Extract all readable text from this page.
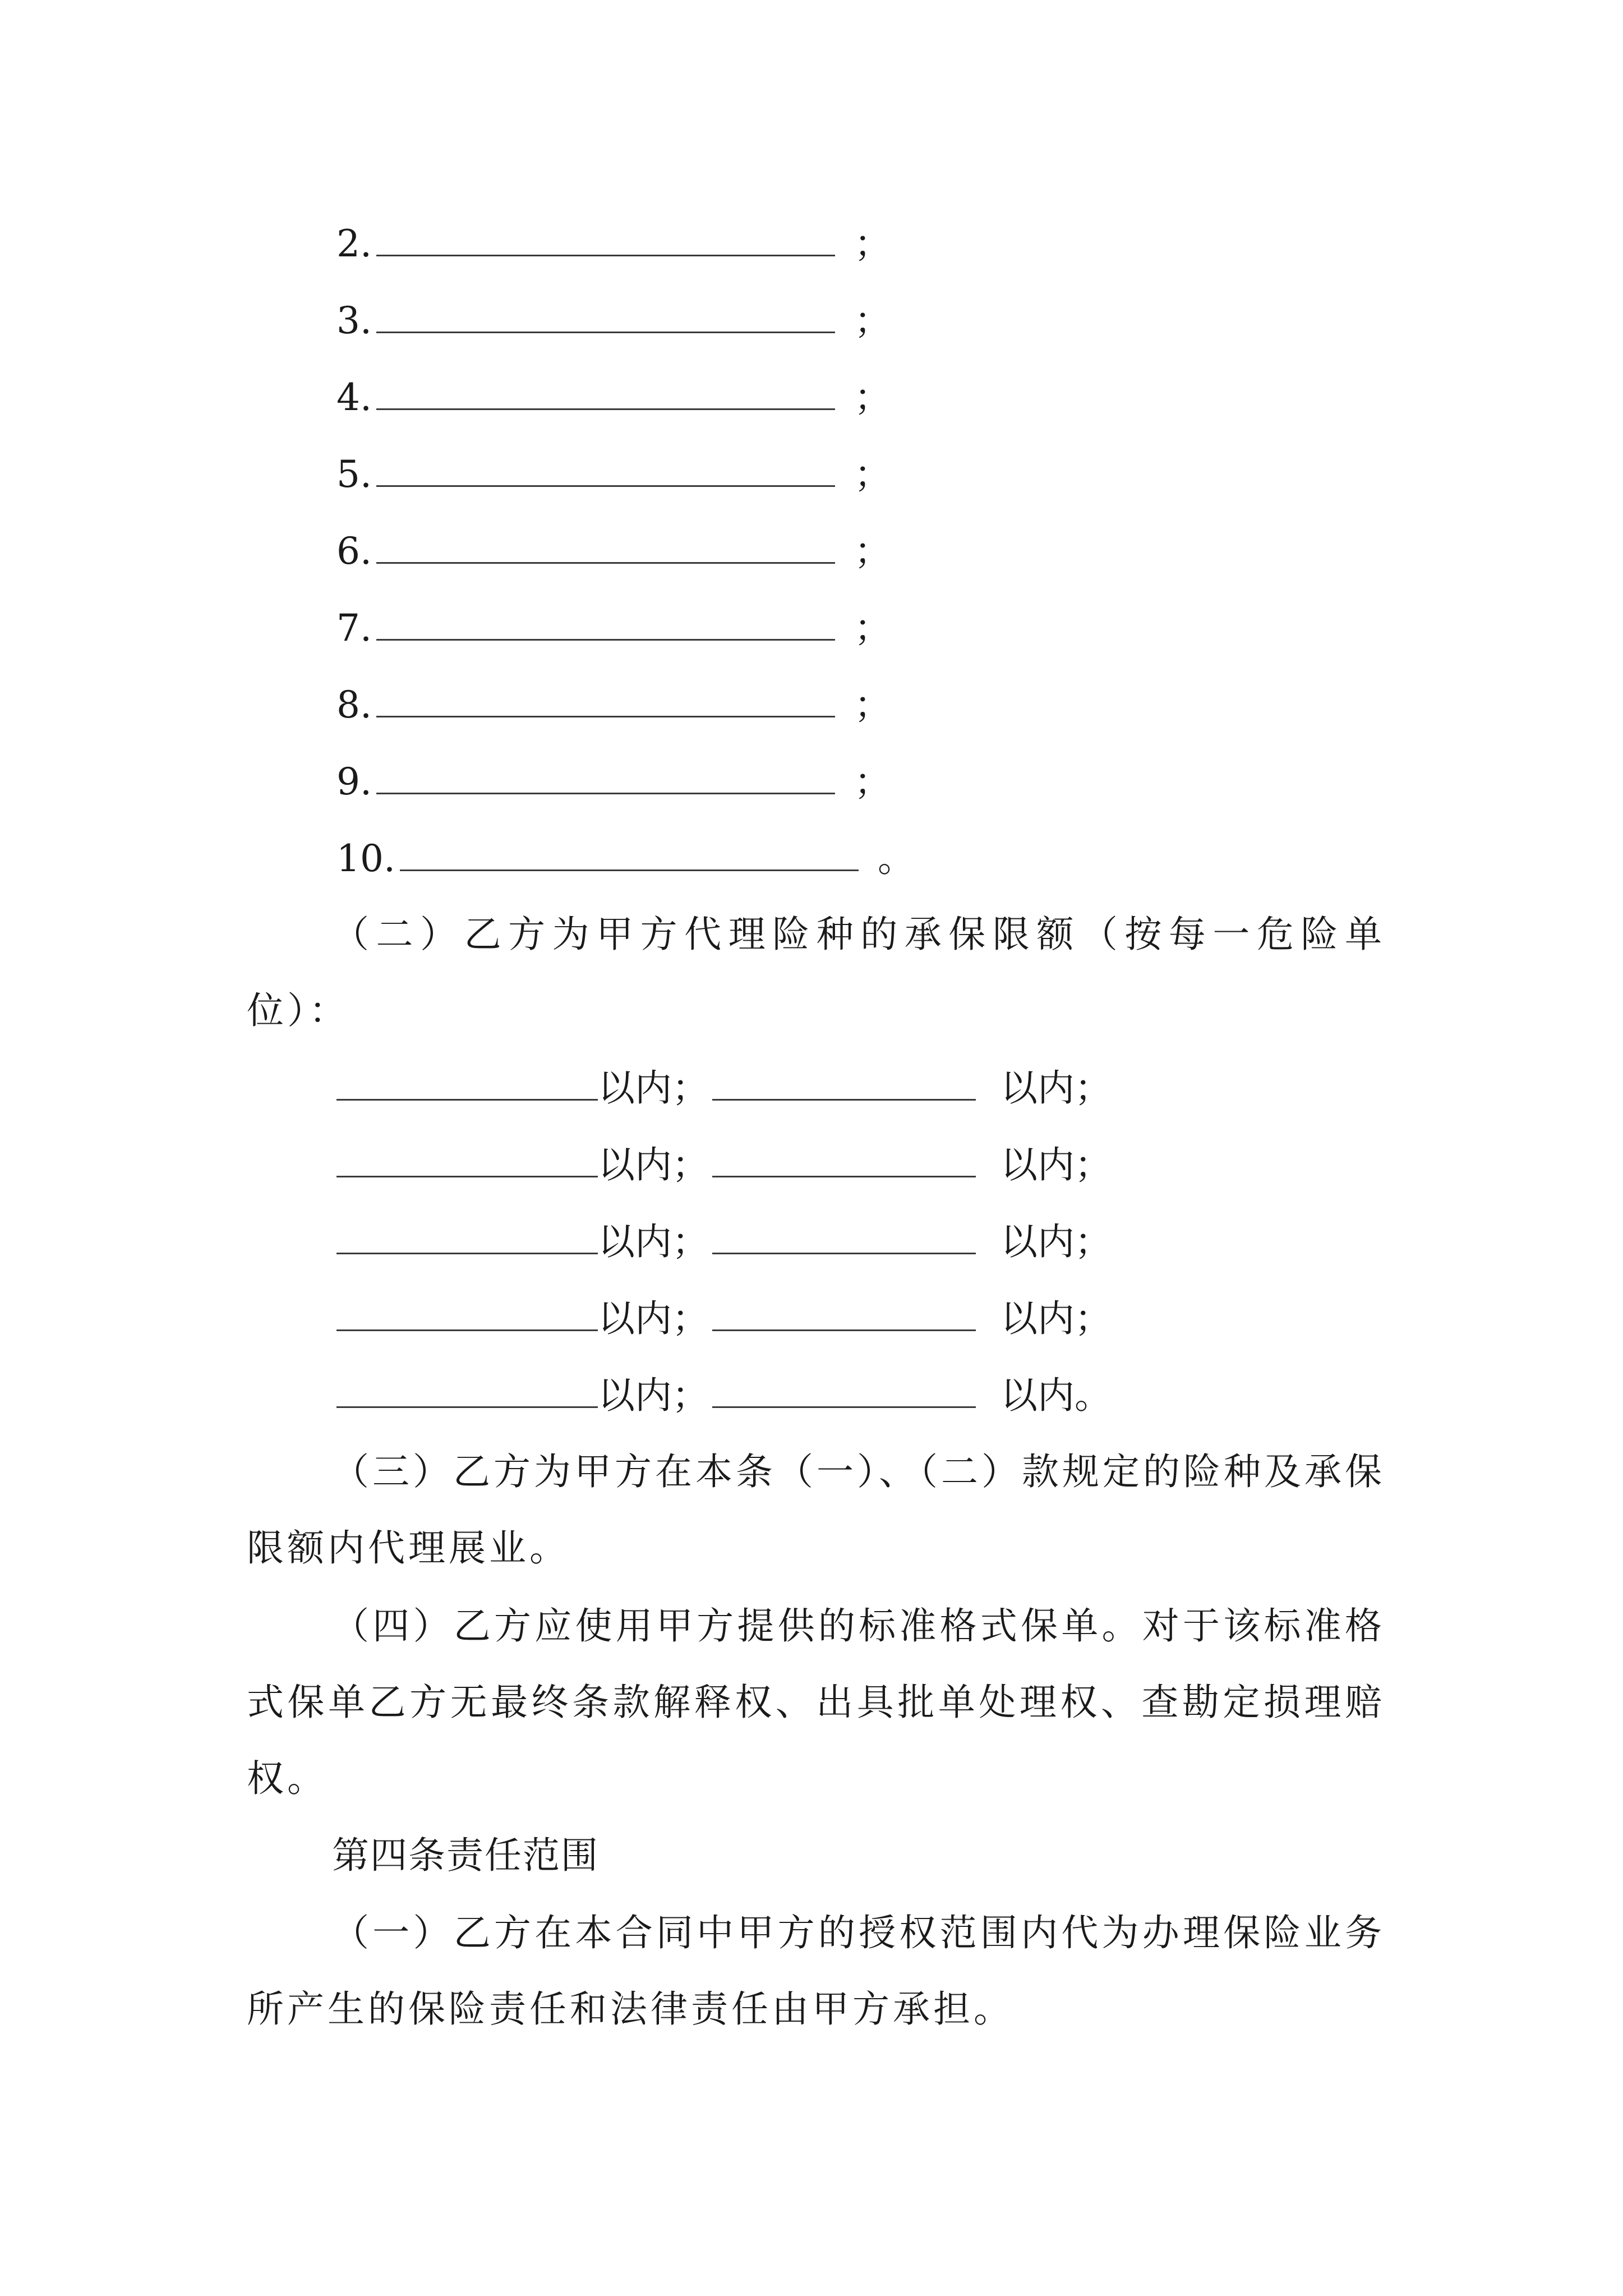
2.	；
3.	；
4.	；
5.	；
6.	；
7.	；
8.	；
9.	；
10.	。
（二）乙方为甲方代理险种的承保限额（按每一危险单位）：
以内；	以内；
以内；	以内；
以内；	以内；
以内；	以内；
以内；	以内。
（三）乙方为甲方在本条（一）、（二）款规定的险种及承保限额内代理展业。
（四）乙方应使用甲方提供的标准格式保单。对于该标准格式保单乙方无最终条款解释权、出具批单处理权、查勘定损理赔权。
第四条责任范围
（一）乙方在本合同中甲方的授权范围内代为办理保险业务所产生的保险责任和法律责任由甲方承担。
